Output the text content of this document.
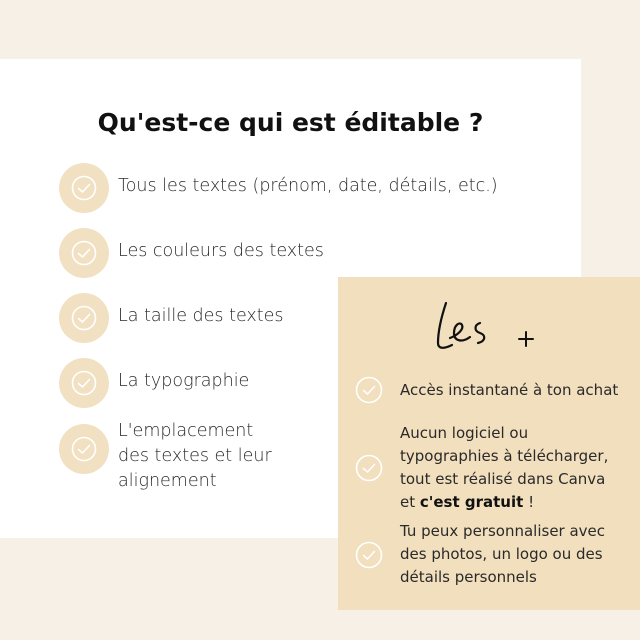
Qu'est-ce qui est éditable ?
Tous les textes (prénom, date, détails, etc.)
Les couleurs des textes
La taille des textes
La typographie
L'emplacement
des textes et leur
alignement
Accès instantané à ton achat
Aucun logiciel ou
typographies à télécharger,
tout est réalisé dans Canva
et c'est gratuit !
Tu peux personnaliser avec
des photos, un logo ou des
détails personnels
